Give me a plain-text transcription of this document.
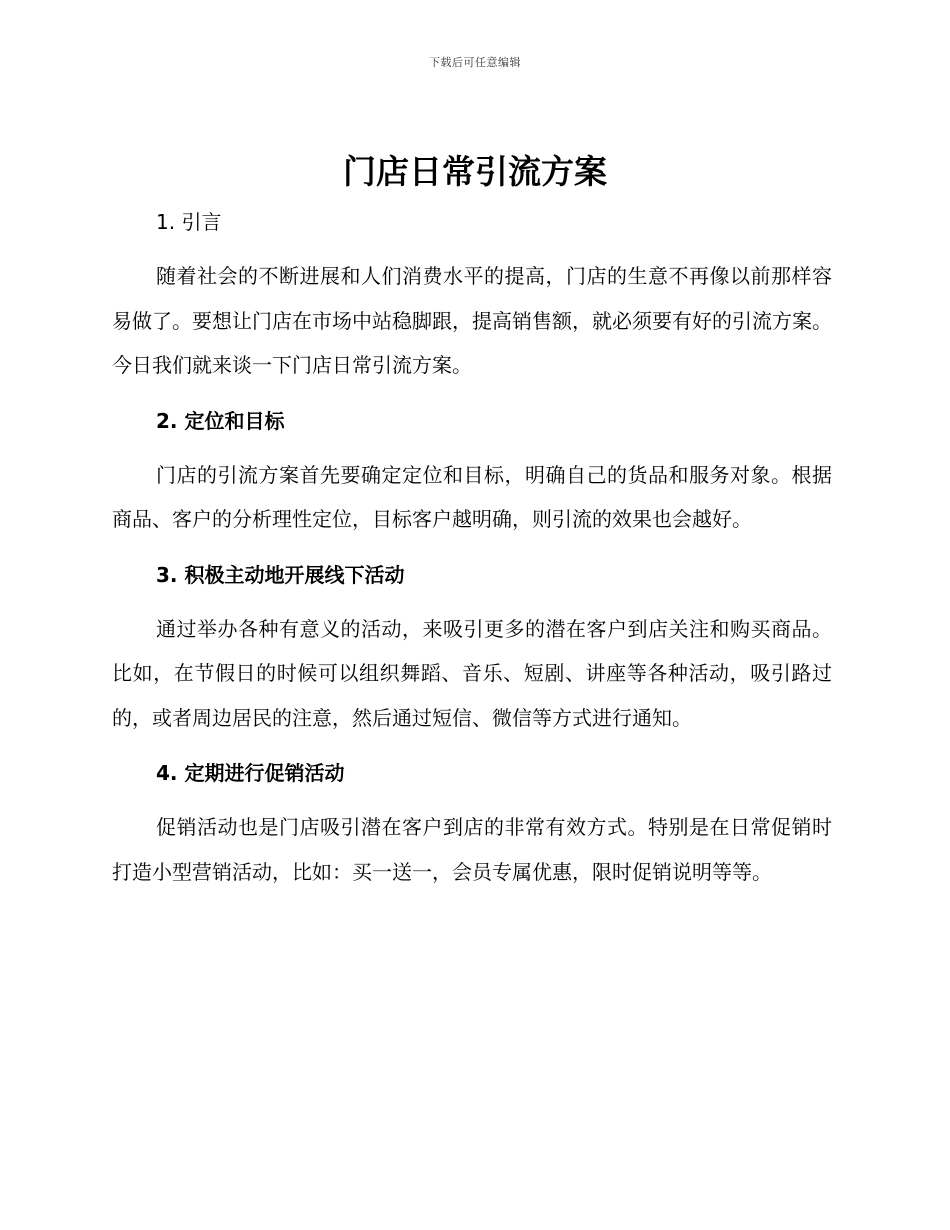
下载后可任意编辑
门店日常引流方案
1. 引言

随着社会的不断进展和人们消费水平的提高，门店的生意不再像以前那样容易做了。要想让门店在市场中站稳脚跟，提高销售额，就必须要有好的引流方案。今日我们就来谈一下门店日常引流方案。

2. 定位和目标

门店的引流方案首先要确定定位和目标，明确自己的货品和服务对象。根据商品、客户的分析理性定位，目标客户越明确，则引流的效果也会越好。

3. 积极主动地开展线下活动

通过举办各种有意义的活动，来吸引更多的潜在客户到店关注和购买商品。比如，在节假日的时候可以组织舞蹈、音乐、短剧、讲座等各种活动，吸引路过的，或者周边居民的注意，然后通过短信、微信等方式进行通知。

4. 定期进行促销活动

促销活动也是门店吸引潜在客户到店的非常有效方式。特别是在日常促销时打造小型营销活动，比如：买一送一，会员专属优惠，限时促销说明等等。
